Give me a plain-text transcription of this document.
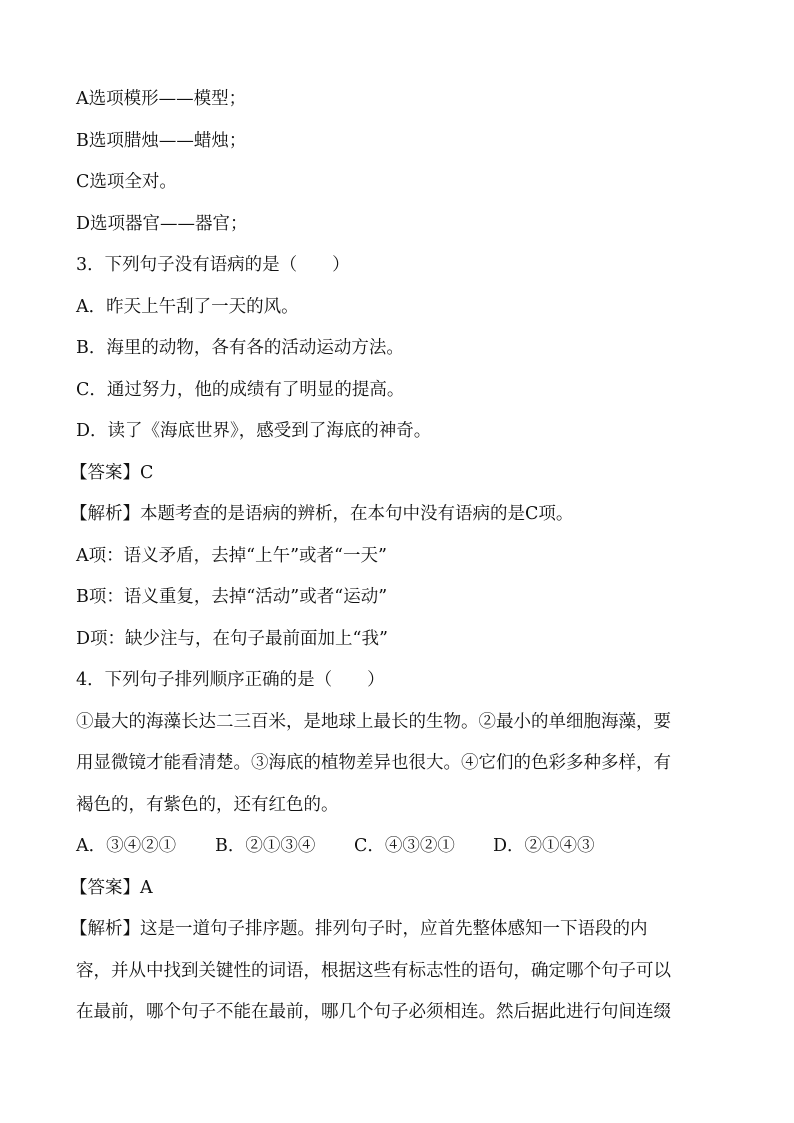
A选项模形——模型；
B选项腊烛——蜡烛；
C选项全对。
D选项器官——器官；
3．下列句子没有语病的是（　　）
A．昨天上午刮了一天的风。
B．海里的动物，各有各的活动运动方法。
C．通过努力，他的成绩有了明显的提高。
D．读了《海底世界》，感受到了海底的神奇。
【答案】C
【解析】本题考查的是语病的辨析，在本句中没有语病的是C项。
A项：语义矛盾，去掉“上午”或者“一天”
B项：语义重复，去掉“活动”或者“运动”
D项：缺少注与，在句子最前面加上“我”
4．下列句子排列顺序正确的是（　　）
①最大的海藻长达二三百米，是地球上最长的生物。②最小的单细胞海藻，要
用显微镜才能看清楚。③海底的植物差异也很大。④它们的色彩多种多样，有
褐色的，有紫色的，还有红色的。
A．③④②① B．②①③④ C．④③②① D．②①④③
【答案】A
【解析】这是一道句子排序题。排列句子时，应首先整体感知一下语段的内
容，并从中找到关键性的词语，根据这些有标志性的语句，确定哪个句子可以
在最前，哪个句子不能在最前，哪几个句子必须相连。然后据此进行句间连缀
